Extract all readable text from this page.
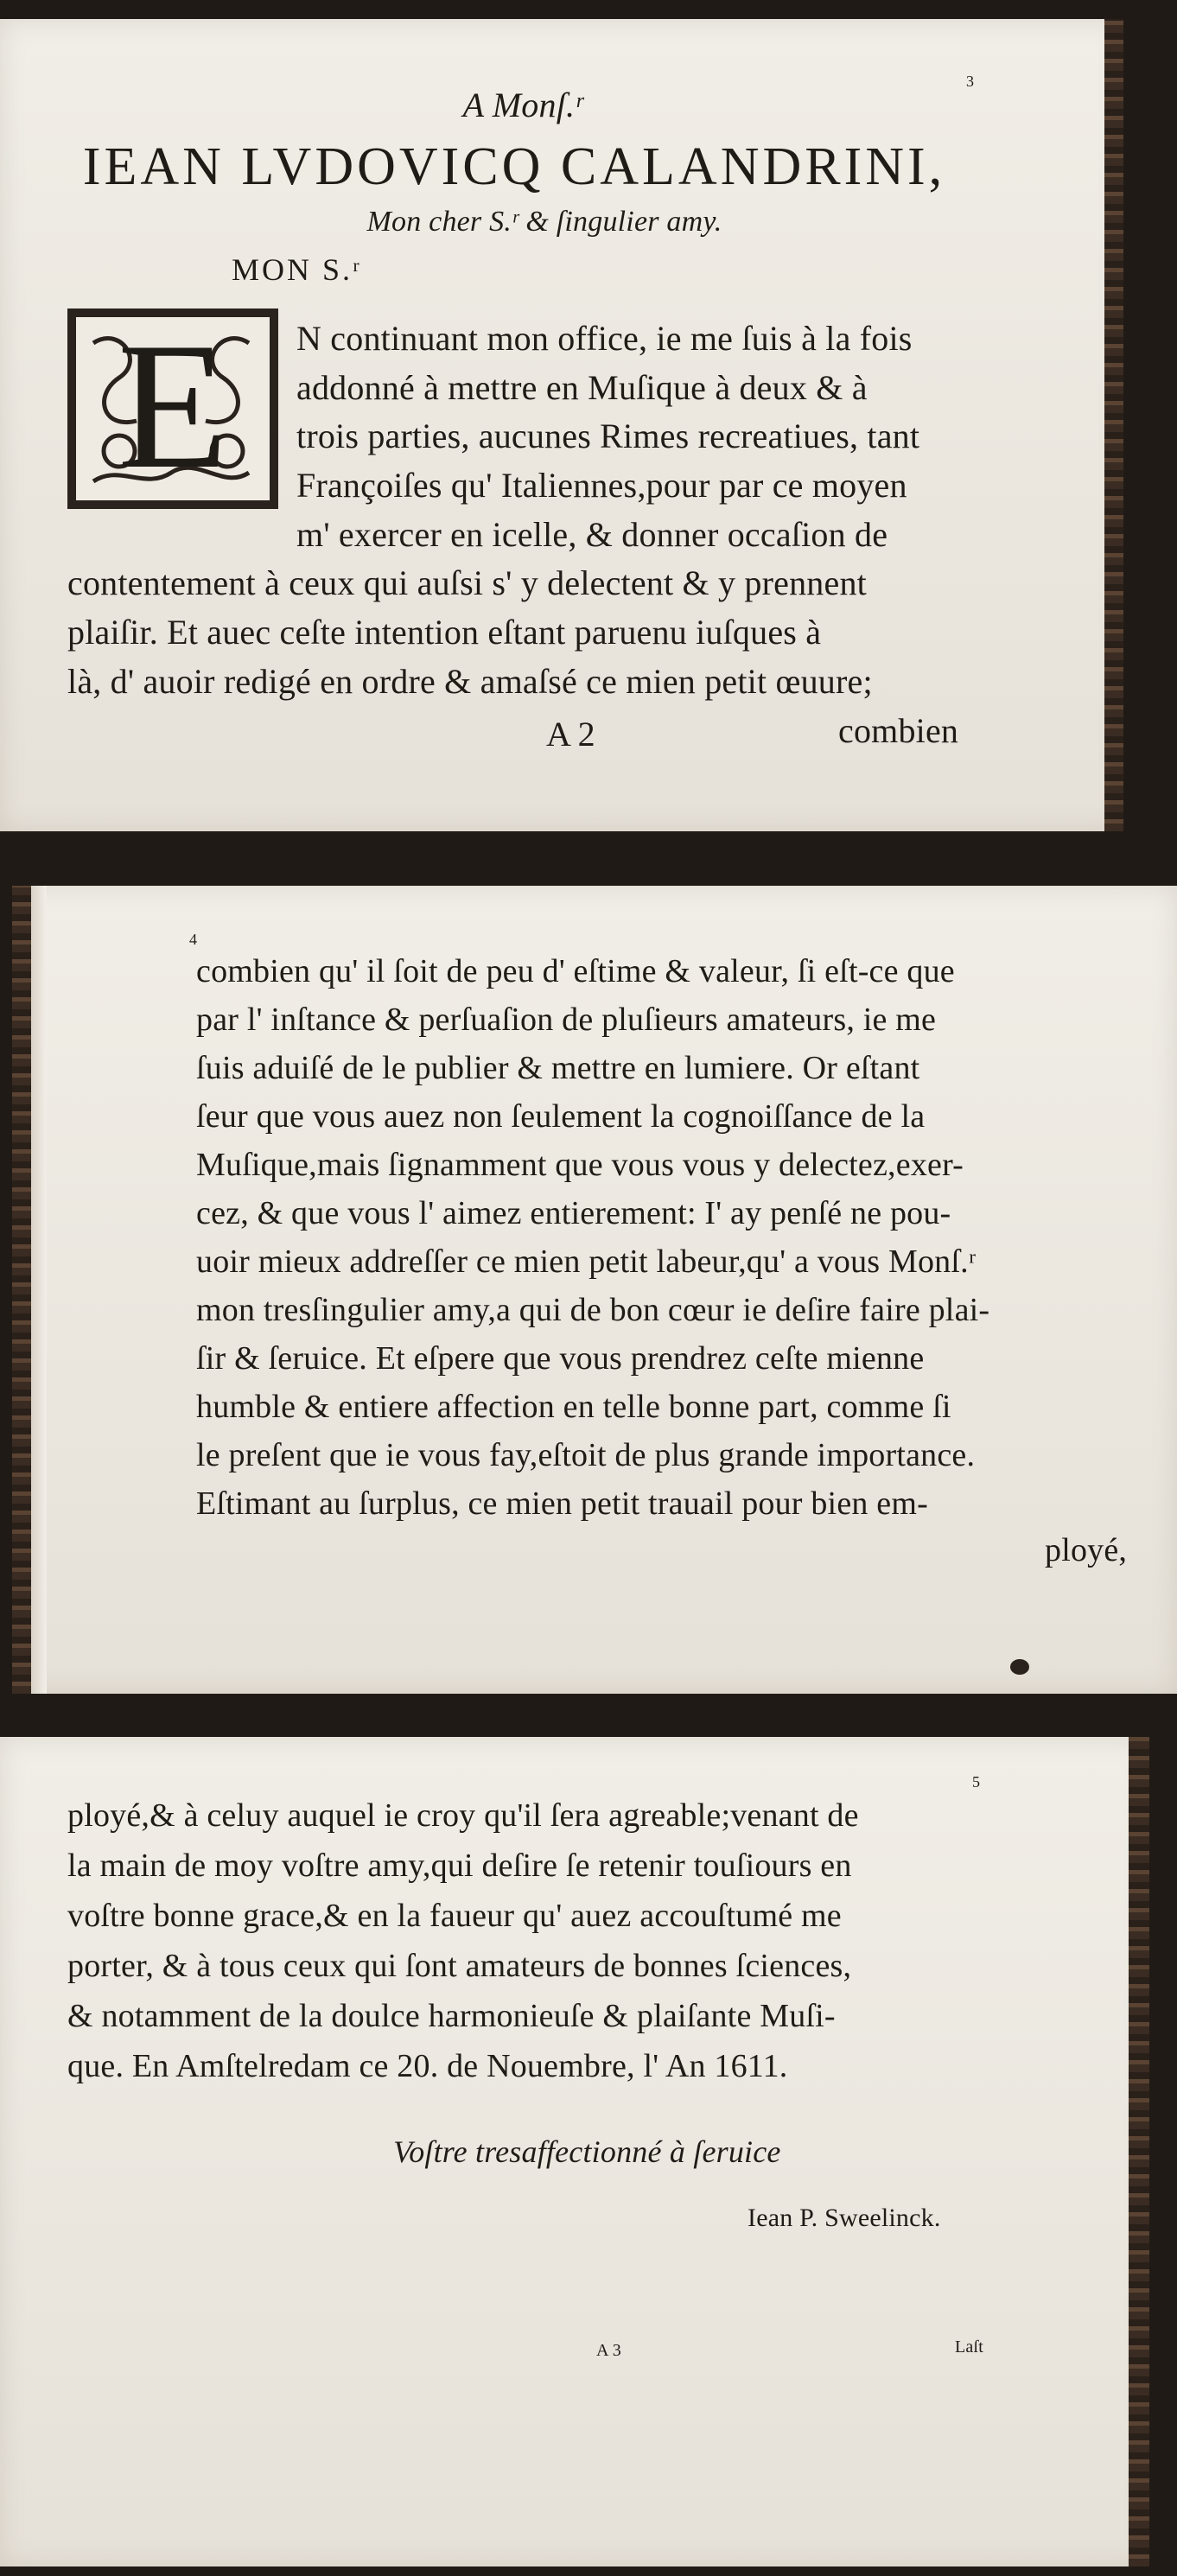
3
A Monſ.ʳ
IEAN LVDOVICQ CALANDRINI,
Mon cher S.ʳ & ſingulier amy.
MON S.ʳ
E	N continuant mon office, ie me ſuis à la fois
addonné à mettre en Muſique à deux & à
trois parties, aucunes Rimes recreatiues, tant
Françoiſes qu' Italiennes,pour par ce moyen
m' exercer en icelle, & donner occaſion de
contentement à ceux qui auſsi s' y delectent & y prennent
plaiſir. Et auec ceſte intention eſtant paruenu iuſques à
là, d' auoir redigé en ordre & amaſsé ce mien petit œuure;
A 2	combien
4
combien qu' il ſoit de peu d' eſtime & valeur, ſi eſt-ce que
par l' inſtance & perſuaſion de pluſieurs amateurs, ie me
ſuis aduiſé de le publier & mettre en lumiere. Or eſtant
ſeur que vous auez non ſeulement la cognoiſſance de la
Muſique,mais ſignamment que vous vous y delectez,exer-
cez, & que vous l' aimez entierement: I' ay penſé ne pou-
uoir mieux addreſſer ce mien petit labeur,qu' a vous Monſ.ʳ
mon tresſingulier amy,a qui de bon cœur ie deſire faire plai-
ſir & ſeruice. Et eſpere que vous prendrez ceſte mienne
humble & entiere affection en telle bonne part, comme ſi
le preſent que ie vous fay,eſtoit de plus grande importance.
Eſtimant au ſurplus, ce mien petit trauail pour bien em-
ployé,
5
ployé,& à celuy auquel ie croy qu'il ſera agreable;venant de
la main de moy voſtre amy,qui deſire ſe retenir touſiours en
voſtre bonne grace,& en la faueur qu' auez accouſtumé me
porter, & à tous ceux qui ſont amateurs de bonnes ſciences,
& notamment de la doulce harmonieuſe & plaiſante Muſi-
que. En Amſtelredam ce 20. de Nouembre, l' An 1611.
Voſtre tresaffectionné à ſeruice
Iean P. Sweelinck.
A 3	Laſt
